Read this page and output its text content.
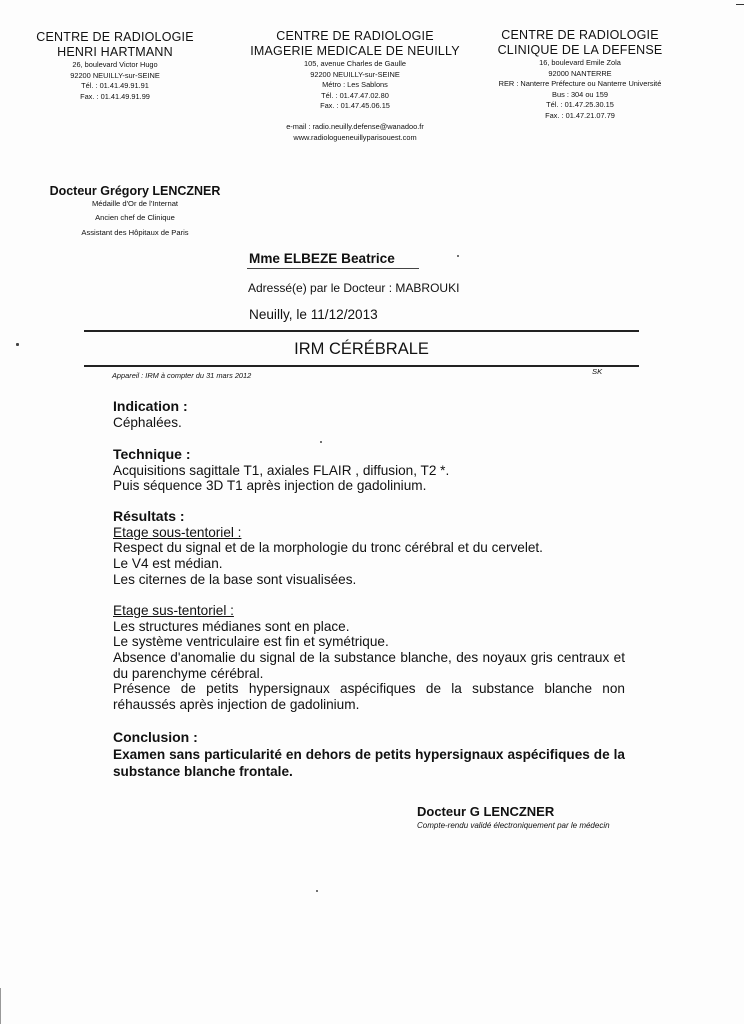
CENTRE DE RADIOLOGIE
HENRI HARTMANN
26, boulevard Victor Hugo
92200 NEUILLY-sur-SEINE
Tél. : 01.41.49.91.91
Fax. : 01.41.49.91.99
CENTRE DE RADIOLOGIE
IMAGERIE MEDICALE DE NEUILLY
105, avenue Charles de Gaulle
92200 NEUILLY-sur-SEINE
Métro : Les Sablons
Tél. : 01.47.47.02.80
Fax. : 01.47.45.06.15
e-mail : radio.neuilly.defense@wanadoo.fr
www.radiologueneuillyparisouest.com
CENTRE DE RADIOLOGIE
CLINIQUE DE LA DEFENSE
16, boulevard Emile Zola
92000 NANTERRE
RER : Nanterre Préfecture ou Nanterre Université
Bus : 304 ou 159
Tél. : 01.47.25.30.15
Fax. : 01.47.21.07.79
Docteur Grégory LENCZNER
Médaille d'Or de l'Internat
Ancien chef de Clinique
Assistant des Hôpitaux de Paris
Mme ELBEZE Beatrice
Adressé(e) par le Docteur : MABROUKI
Neuilly, le 11/12/2013
IRM CÉRÉBRALE
Appareil : IRM à compter du 31 mars 2012	SK
Indication :
Céphalées.
Technique :
Acquisitions sagittale T1, axiales FLAIR , diffusion, T2 *.
Puis séquence 3D T1 après injection de gadolinium.
Résultats :
Etage sous-tentoriel :
Respect du signal et de la morphologie du tronc cérébral et du cervelet.
Le V4 est médian.
Les citernes de la base sont visualisées.
Etage sus-tentoriel :
Les structures médianes sont en place.
Le système ventriculaire est fin et symétrique.
Absence d'anomalie du signal de la substance blanche, des noyaux gris centraux et du parenchyme cérébral.
Présence de petits hypersignaux aspécifiques de la substance blanche non réhaussés après injection de gadolinium.
Conclusion :
Examen sans particularité en dehors de petits hypersignaux aspécifiques de la substance blanche frontale.
Docteur G LENCZNER
Compte-rendu validé électroniquement par le médecin
